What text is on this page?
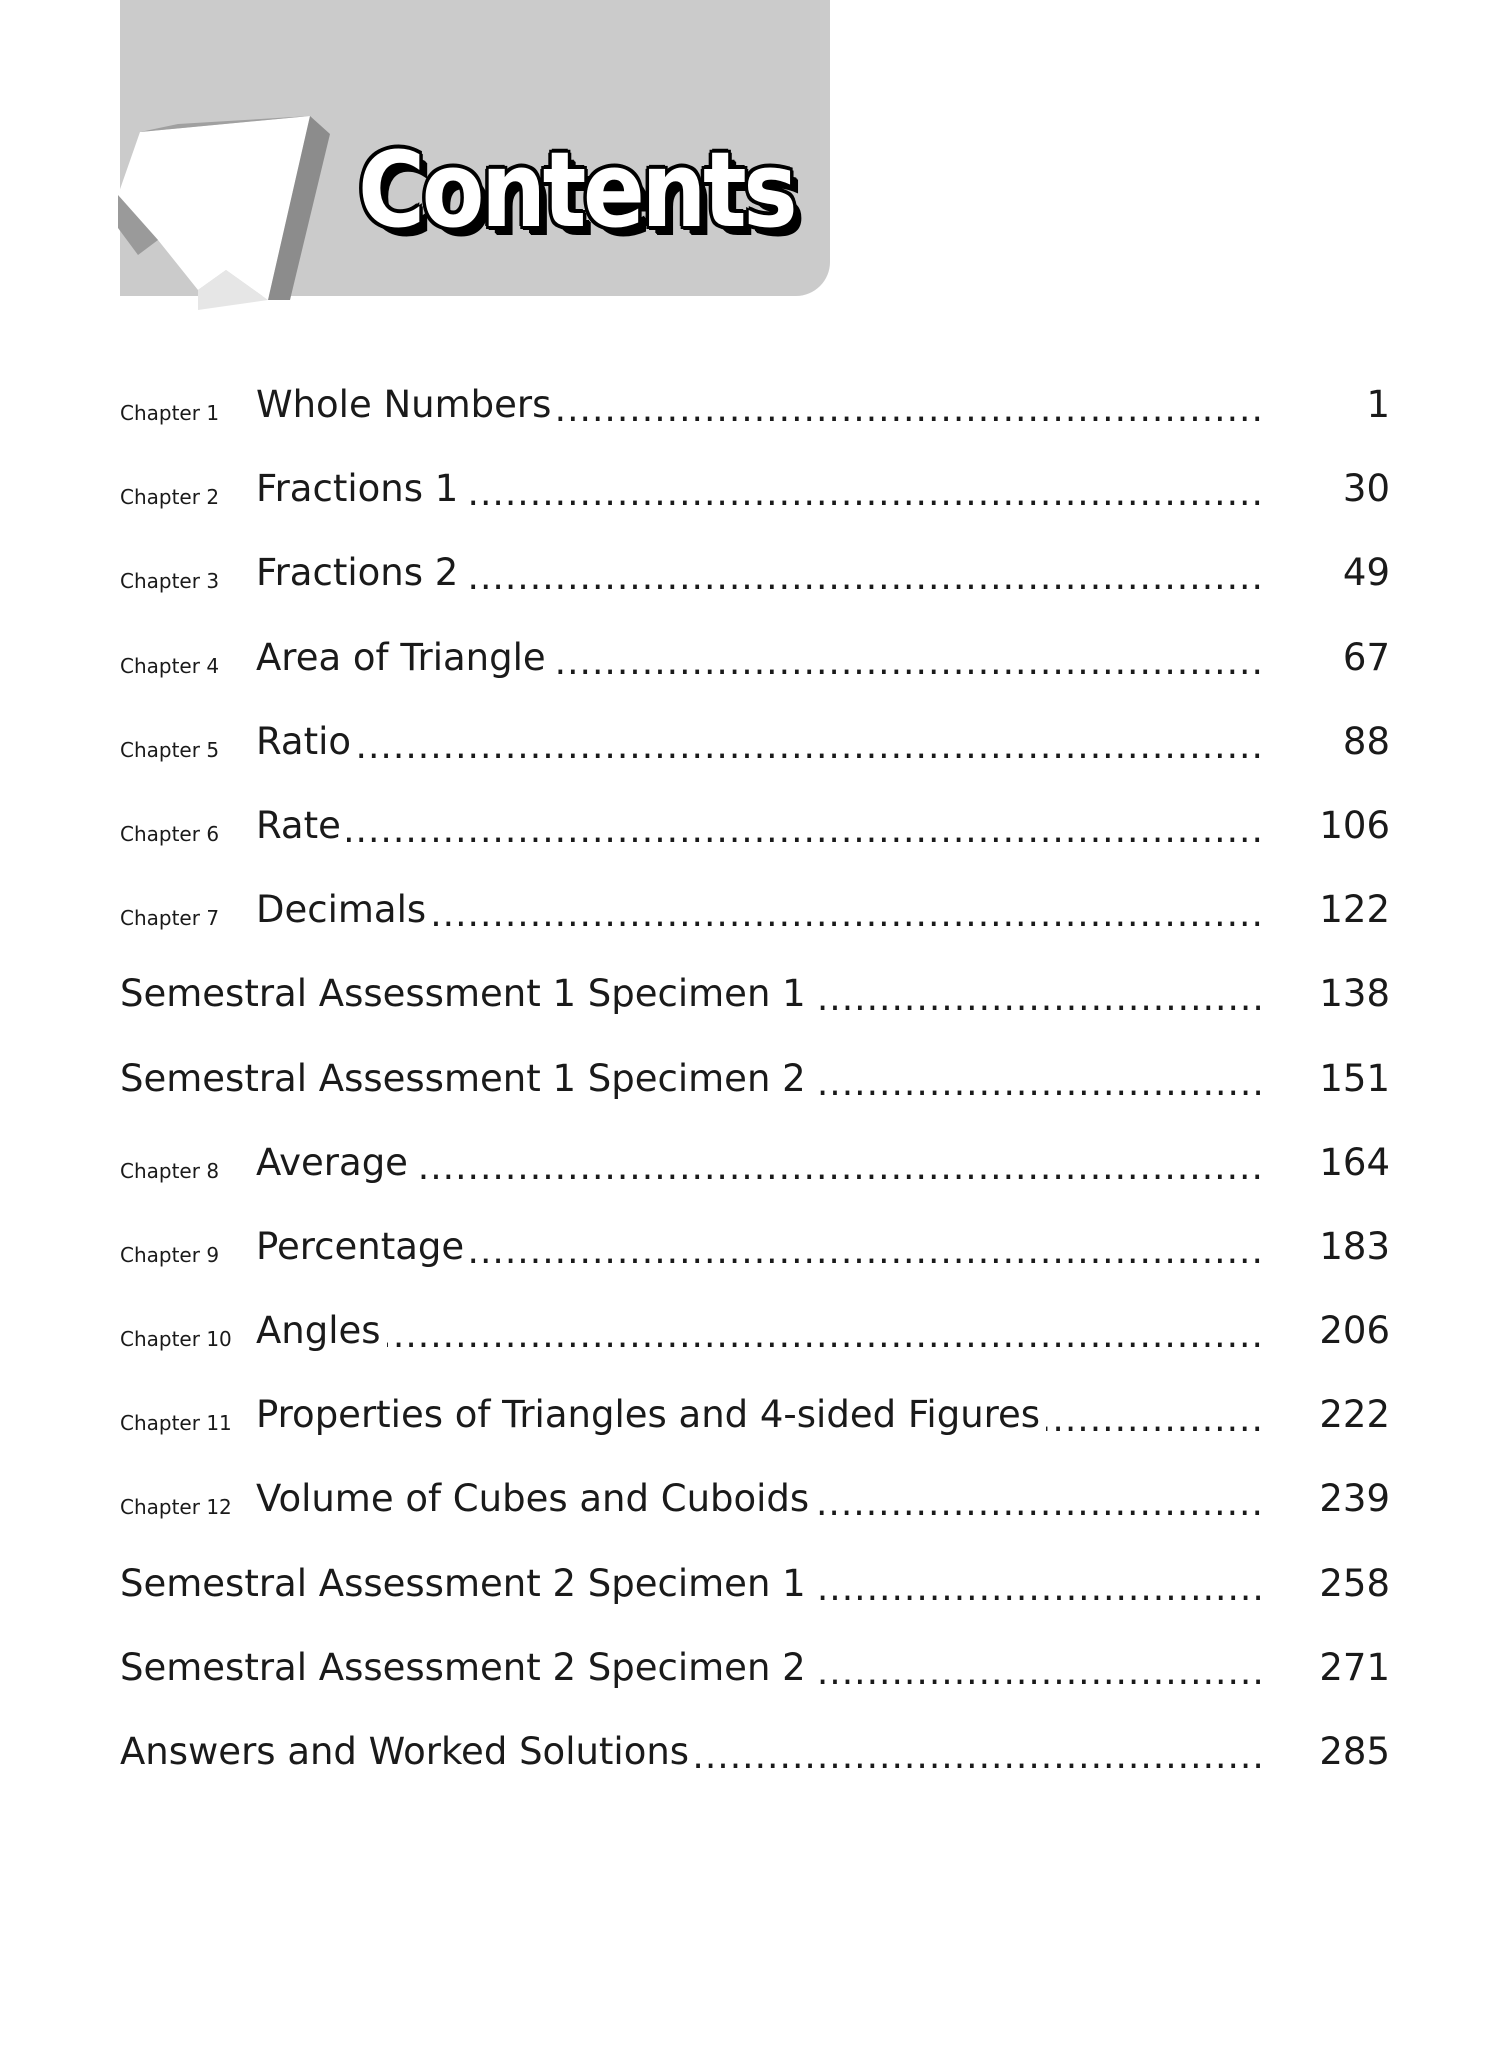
Contents
Chapter 1 Whole Numbers .....	1
Chapter 2 Fractions 1 .....	30
Chapter 3 Fractions 2 .....	49
Chapter 4 Area of Triangle .....	67
Chapter 5 Ratio .....	88
Chapter 6 Rate .....	106
Chapter 7 Decimals .....	122
Semestral Assessment 1 Specimen 1 .....	138
Semestral Assessment 1 Specimen 2 .....	151
Chapter 8 Average .....	164
Chapter 9 Percentage .....	183
Chapter 10 Angles .....	206
Chapter 11 Properties of Triangles and 4-sided Figures .....	222
Chapter 12 Volume of Cubes and Cuboids .....	239
Semestral Assessment 2 Specimen 1 .....	258
Semestral Assessment 2 Specimen 2 .....	271
Answers and Worked Solutions .....	285
